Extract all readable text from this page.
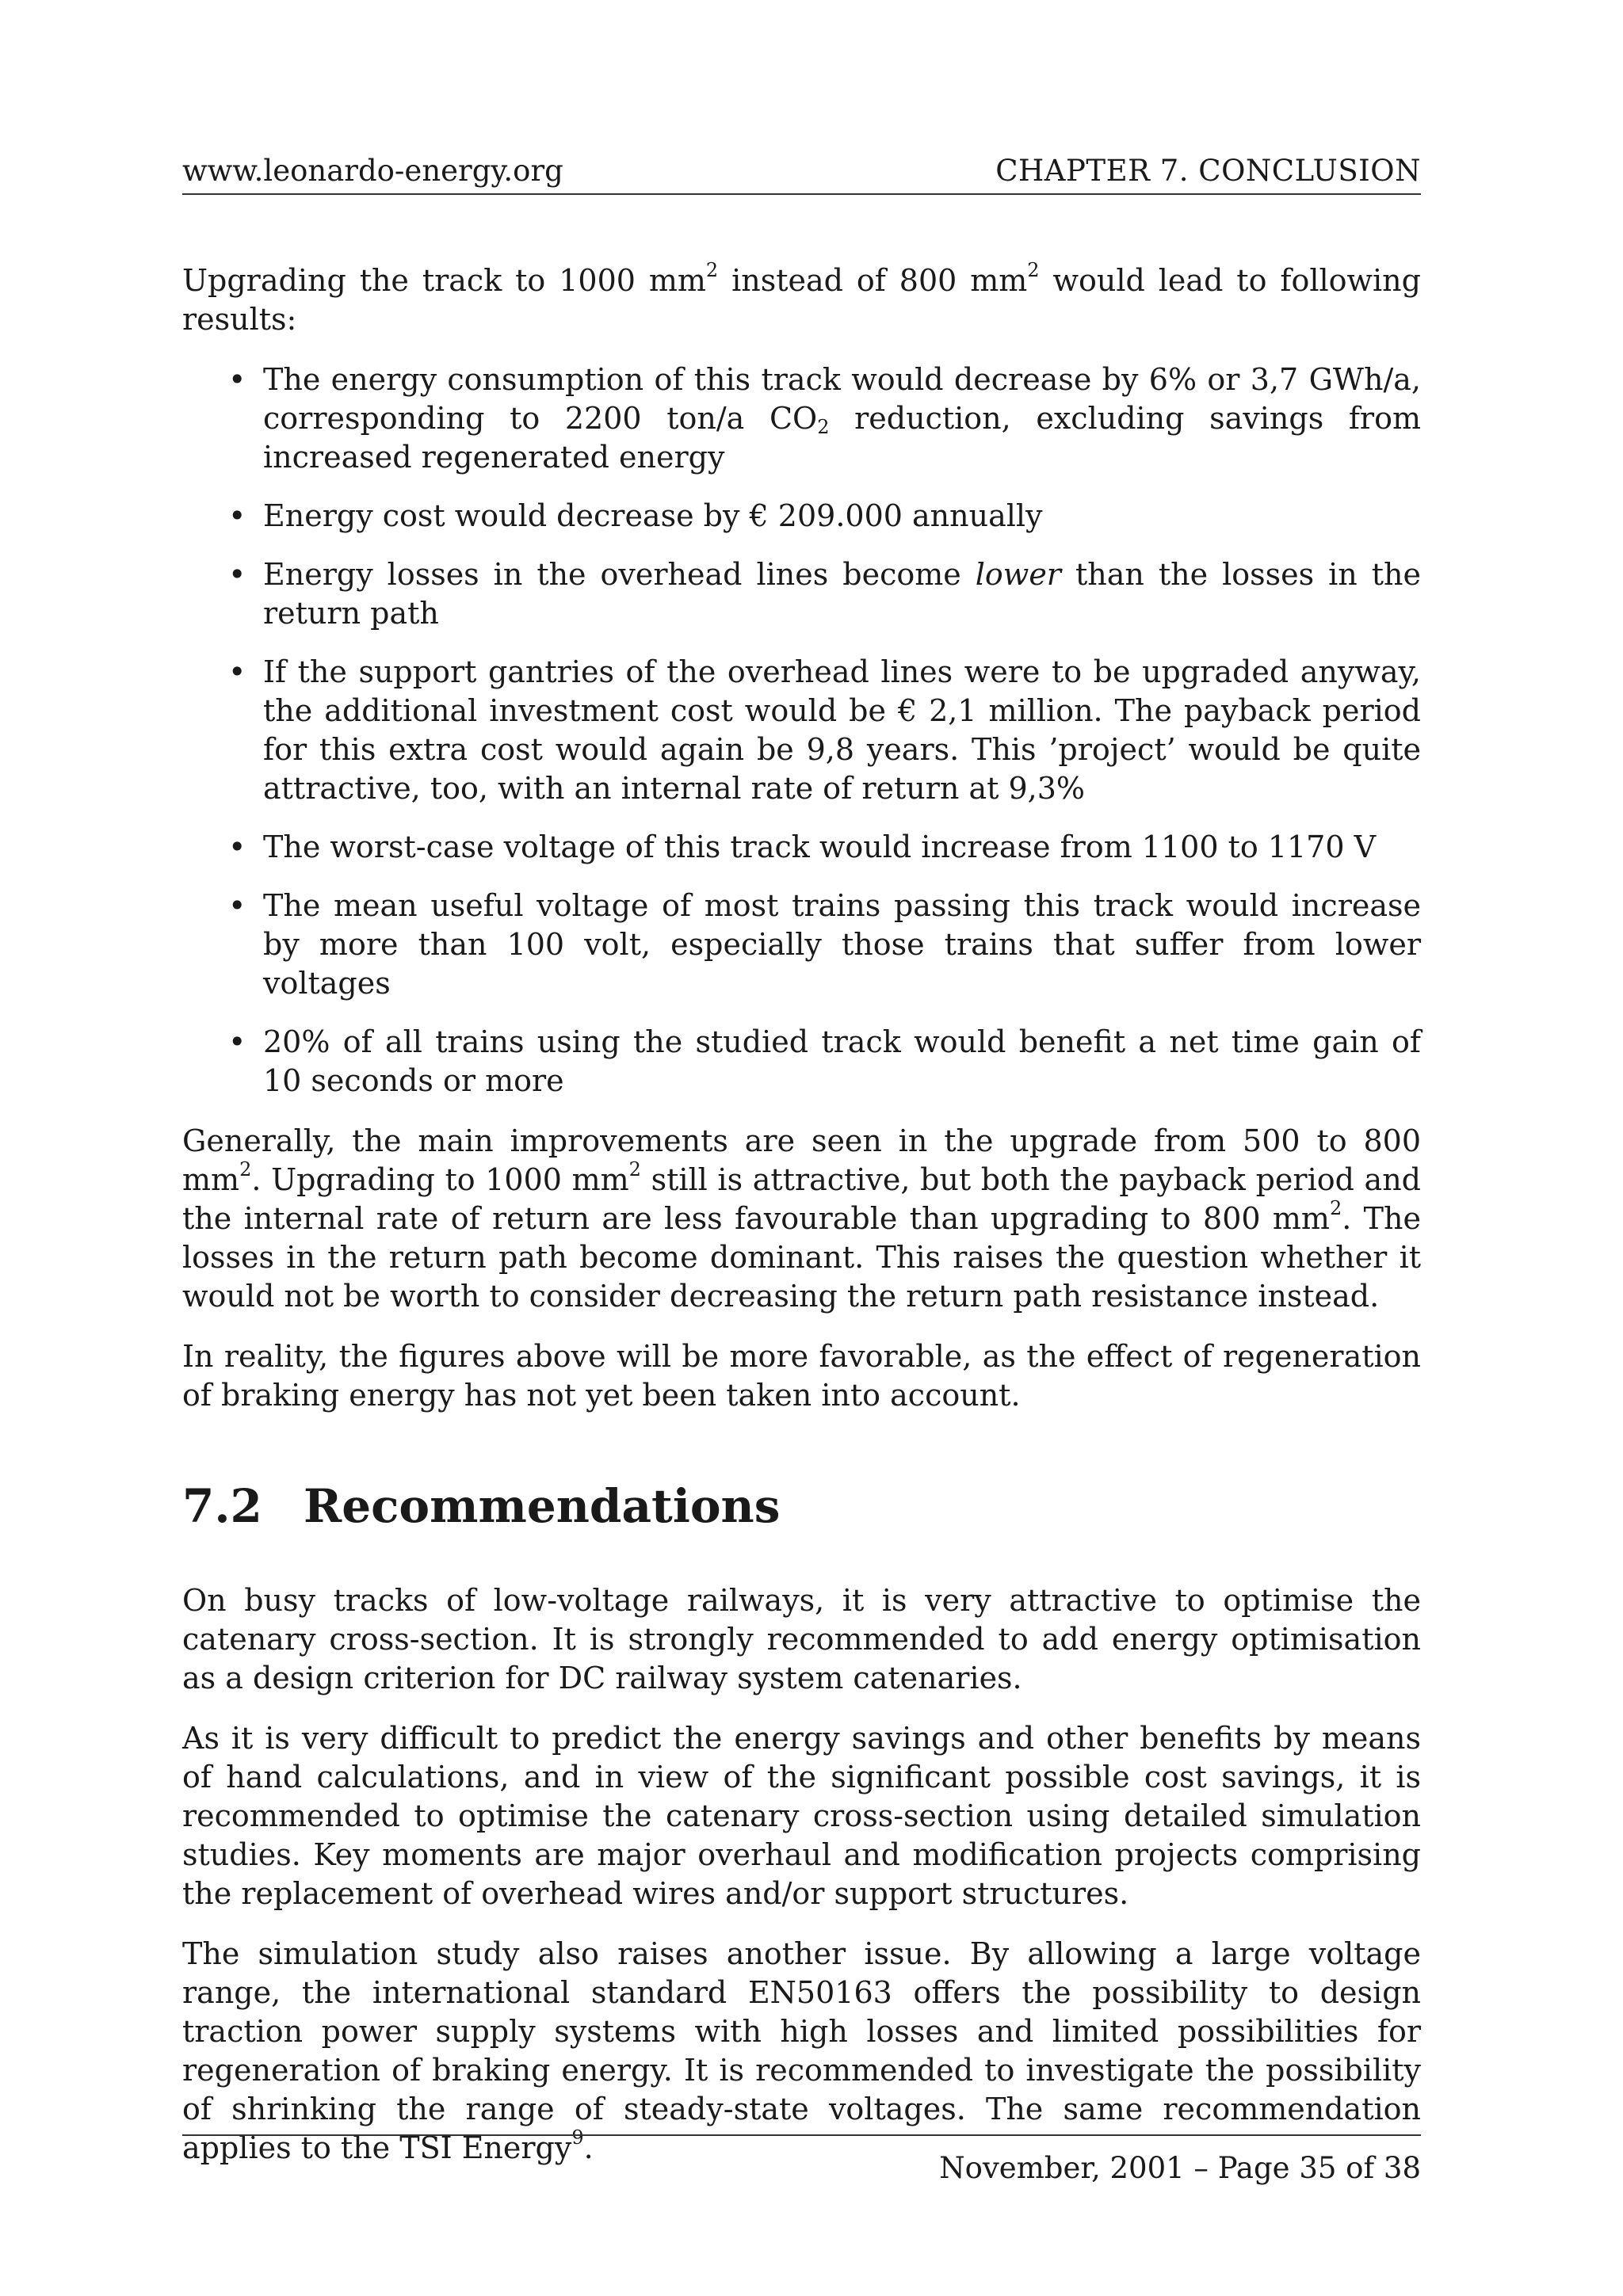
www.leonardo-energy.org	CHAPTER 7. CONCLUSION

Upgrading the track to 1000 $mm^2$ instead of 800 $mm^2$ would lead to following results:

• The energy consumption of this track would decrease by 6% or 3,7 GWh/a, corresponding to 2200 ton/a $CO_2$ reduction, excluding savings from increased regenerated energy
• Energy cost would decrease by € 209.000 annually
• Energy losses in the overhead lines become lower than the losses in the return path
• If the support gantries of the overhead lines were to be upgraded anyway, the additional investment cost would be € 2,1 million. The payback period for this extra cost would again be 9,8 years. This ’project’ would be quite attractive, too, with an internal rate of return at 9,3%
• The worst-case voltage of this track would increase from 1100 to 1170 V
• The mean useful voltage of most trains passing this track would increase by more than 100 volt, especially those trains that suffer from lower voltages
• 20% of all trains using the studied track would benefit a net time gain of 10 seconds or more

Generally, the main improvements are seen in the upgrade from 500 to 800 $mm^2$. Upgrading to 1000 $mm^2$ still is attractive, but both the payback period and the internal rate of return are less favourable than upgrading to 800 $mm^2$. The losses in the return path become dominant. This raises the question whether it would not be worth to consider decreasing the return path resistance instead.

In reality, the figures above will be more favorable, as the effect of regeneration of braking energy has not yet been taken into account.

7.2 Recommendations

On busy tracks of low-voltage railways, it is very attractive to optimise the catenary cross-section. It is strongly recommended to add energy optimisation as a design criterion for DC railway system catenaries.

As it is very difficult to predict the energy savings and other benefits by means of hand calculations, and in view of the significant possible cost savings, it is recommended to optimise the catenary cross-section using detailed simulation studies. Key moments are major overhaul and modification projects comprising the replacement of overhead wires and/or support structures.

The simulation study also raises another issue. By allowing a large voltage range, the international standard EN50163 offers the possibility to design traction power supply systems with high losses and limited possibilities for regeneration of braking energy. It is recommended to investigate the possibility of shrinking the range of steady-state voltages. The same recommendation applies to the TSI Energy$^9$.

November, 2001 – Page 35 of 38
